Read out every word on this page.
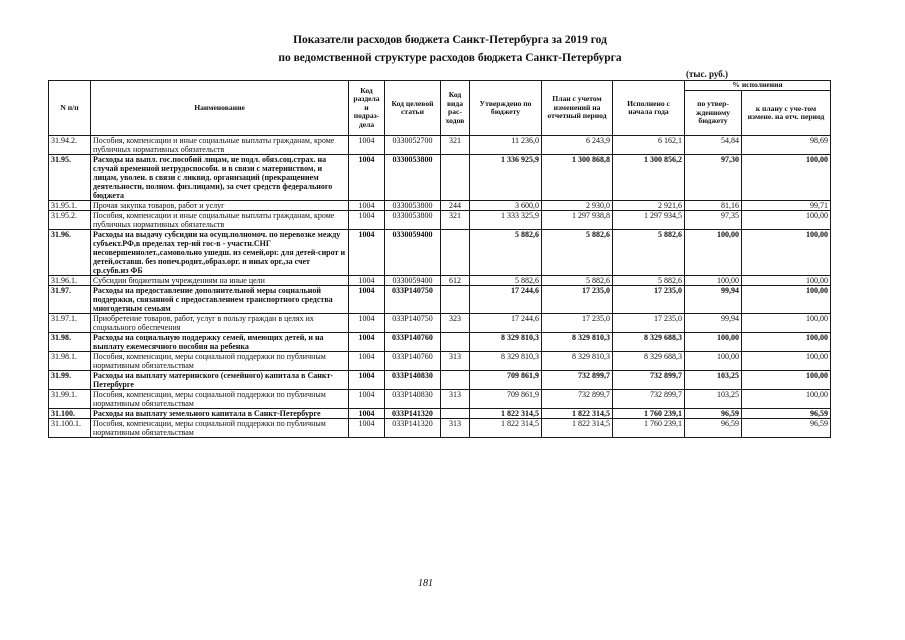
Показатели расходов бюджета Санкт-Петербурга за 2019 год
по ведомственной структуре расходов бюджета Санкт-Петербурга
(тыс. руб.)
N п/п	Наименование	Код раздела и подраз-дела	Код целевой статьи	Код вида рас-ходов	Утверждено по бюджету	План с учетом изменений на отчетный период	Исполнено с начала года	% исполнения	
								по утвер-жденному бюджету	к плану с уче-том измене. на отч. период
31.94.2.	Пособия, компенсации и иные социальные выплаты гражданам, кроме публичных нормативных обязательств	1004	0330052700	321	11 236,0	6 243,9	6 162,1	54,84	98,69
31.95.	Расходы на выпл. гос.пособий лицам, не подл. обяз.соц.страх. на случай временной нетрудоспособн. и в связи с материнством, и лицам, уволен. в связи с ликвид. организаций (прекращением деятельности, полном. физ.лицами), за счет средств федерального бюджета	1004	0330053800		1 336 925,9	1 300 868,8	1 300 856,2	97,30	100,00
31.95.1.	Прочая закупка товаров, работ и услуг	1004	0330053800	244	3 600,0	2 930,0	2 921,6	81,16	99,71
31.95.2.	Пособия, компенсации и иные социальные выплаты гражданам, кроме публичных нормативных обязательств	1004	0330053800	321	1 333 325,9	1 297 938,8	1 297 934,5	97,35	100,00
31.96.	Расходы на выдачу субсидии на осущ.полномоч. по перевозке между субъект.РФ,в пределах тер-ий гос-в - участн.СНГ несовершеннолет.,самовольно ушедш. из семей,орг. для детей-сирот и детей,оставш. без попеч.родит.,образ.орг. и иных орг.,за счет ср.субв.из ФБ	1004	0330059400		5 882,6	5 882,6	5 882,6	100,00	100,00
31.96.1.	Субсидии бюджетным учреждениям на иные цели	1004	0330059400	612	5 882,6	5 882,6	5 882,6	100,00	100,00
31.97.	Расходы на предоставление дополнительной меры социальной поддержки, связанной с предоставлением транспортного средства многодетным семьям	1004	033P140750		17 244,6	17 235,0	17 235,0	99,94	100,00
31.97.1.	Приобретение товаров, работ, услуг в пользу граждан в целях их социального обеспечения	1004	033P140750	323	17 244,6	17 235,0	17 235,0	99,94	100,00
31.98.	Расходы на социальную поддержку семей, имеющих детей, и на выплату ежемесячного пособия на ребенка	1004	033P140760		8 329 810,3	8 329 810,3	8 329 688,3	100,00	100,00
31.98.1.	Пособия, компенсации, меры социальной поддержки по публичным нормативным обязательствам	1004	033P140760	313	8 329 810,3	8 329 810,3	8 329 688,3	100,00	100,00
31.99.	Расходы на выплату материнского (семейного) капитала в Санкт-Петербурге	1004	033P140830		709 861,9	732 899,7	732 899,7	103,25	100,00
31.99.1.	Пособия, компенсации, меры социальной поддержки по публичным нормативным обязательствам	1004	033P140830	313	709 861,9	732 899,7	732 899,7	103,25	100,00
31.100.	Расходы на выплату земельного капитала в Санкт-Петербурге	1004	033P141320		1 822 314,5	1 822 314,5	1 760 239,1	96,59	96,59
31.100.1.	Пособия, компенсации, меры социальной поддержки по публичным нормативным обязательствам	1004	033P141320	313	1 822 314,5	1 822 314,5	1 760 239,1	96,59	96,59
181
